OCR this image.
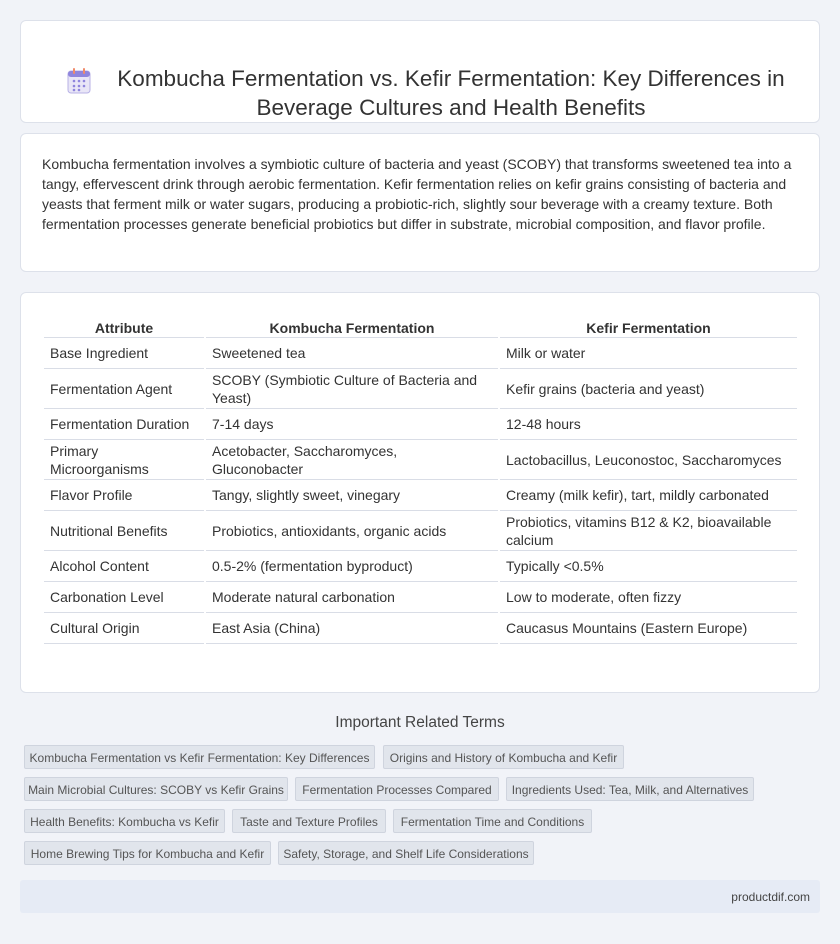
Kombucha Fermentation vs. Kefir Fermentation: Key Differences in Beverage Cultures and Health Benefits

Kombucha fermentation involves a symbiotic culture of bacteria and yeast (SCOBY) that transforms sweetened tea into a tangy, effervescent drink through aerobic fermentation. Kefir fermentation relies on kefir grains consisting of bacteria and yeasts that ferment milk or water sugars, producing a probiotic-rich, slightly sour beverage with a creamy texture. Both fermentation processes generate beneficial probiotics but differ in substrate, microbial composition, and flavor profile.

Attribute	Kombucha Fermentation	Kefir Fermentation
Base Ingredient	Sweetened tea	Milk or water
Fermentation Agent	SCOBY (Symbiotic Culture of Bacteria and Yeast)	Kefir grains (bacteria and yeast)
Fermentation Duration	7-14 days	12-48 hours
Primary Microorganisms	Acetobacter, Saccharomyces, Gluconobacter	Lactobacillus, Leuconostoc, Saccharomyces
Flavor Profile	Tangy, slightly sweet, vinegary	Creamy (milk kefir), tart, mildly carbonated
Nutritional Benefits	Probiotics, antioxidants, organic acids	Probiotics, vitamins B12 & K2, bioavailable calcium
Alcohol Content	0.5-2% (fermentation byproduct)	Typically <0.5%
Carbonation Level	Moderate natural carbonation	Low to moderate, often fizzy
Cultural Origin	East Asia (China)	Caucasus Mountains (Eastern Europe)
Important Related Terms
Kombucha Fermentation vs Kefir Fermentation: Key Differences	Origins and History of Kombucha and Kefir
Main Microbial Cultures: SCOBY vs Kefir Grains	Fermentation Processes Compared	Ingredients Used: Tea, Milk, and Alternatives
Health Benefits: Kombucha vs Kefir	Taste and Texture Profiles	Fermentation Time and Conditions
Home Brewing Tips for Kombucha and Kefir	Safety, Storage, and Shelf Life Considerations
productdif.com
